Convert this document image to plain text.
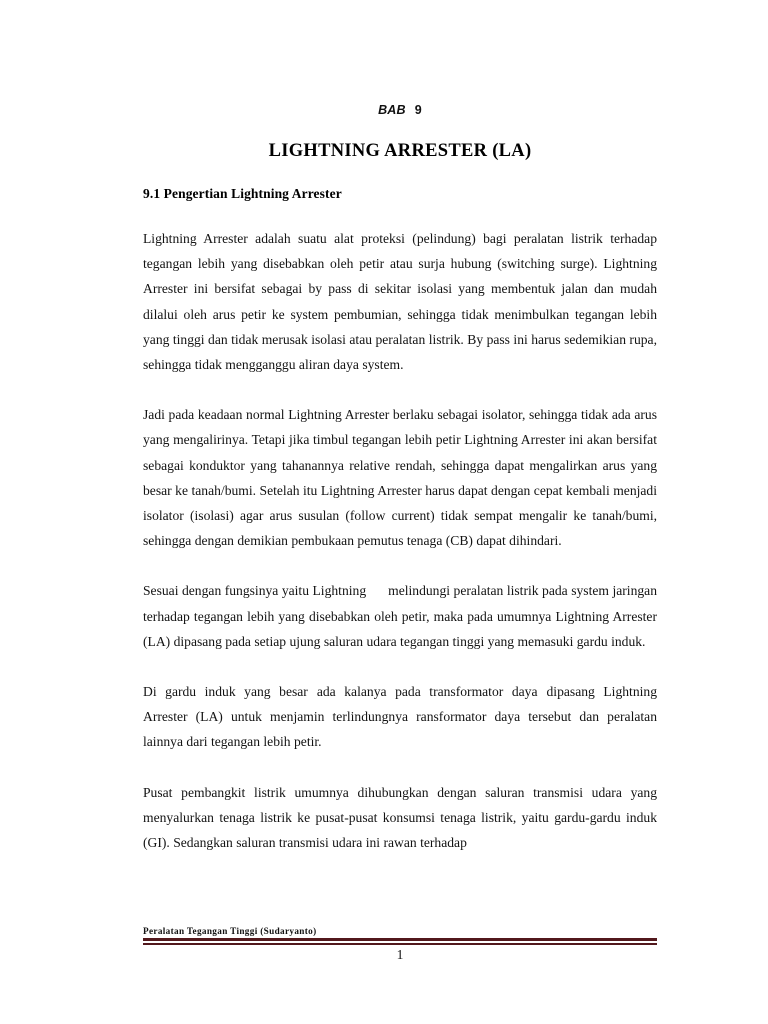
BAB 9
LIGHTNING ARRESTER (LA)
9.1 Pengertian Lightning Arrester

Lightning Arrester adalah suatu alat proteksi (pelindung) bagi peralatan listrik terhadap tegangan lebih yang disebabkan oleh petir atau surja hubung (switching surge). Lightning Arrester ini bersifat sebagai by pass di sekitar isolasi yang membentuk jalan dan mudah dilalui oleh arus petir ke system pembumian, sehingga tidak menimbulkan tegangan lebih yang tinggi dan tidak merusak isolasi atau peralatan listrik. By pass ini harus sedemikian rupa, sehingga tidak mengganggu aliran daya system.

Jadi pada keadaan normal Lightning Arrester berlaku sebagai isolator, sehingga tidak ada arus yang mengalirinya. Tetapi jika timbul tegangan lebih petir Lightning Arrester ini akan bersifat sebagai konduktor yang tahanannya relative rendah, sehingga dapat mengalirkan arus yang besar ke tanah/bumi. Setelah itu Lightning Arrester harus dapat dengan cepat kembali menjadi isolator (isolasi) agar arus susulan (follow current) tidak sempat mengalir ke tanah/bumi, sehingga dengan demikian pembukaan pemutus tenaga (CB) dapat dihindari.

Sesuai dengan fungsinya yaitu Lightning melindungi peralatan listrik pada system jaringan terhadap tegangan lebih yang disebabkan oleh petir, maka pada umumnya Lightning Arrester (LA) dipasang pada setiap ujung saluran udara tegangan tinggi yang memasuki gardu induk.

Di gardu induk yang besar ada kalanya pada transformator daya dipasang Lightning Arrester (LA) untuk menjamin terlindungnya ransformator daya tersebut dan peralatan lainnya dari tegangan lebih petir.

Pusat pembangkit listrik umumnya dihubungkan dengan saluran transmisi udara yang menyalurkan tenaga listrik ke pusat-pusat konsumsi tenaga listrik, yaitu gardu-gardu induk (GI). Sedangkan saluran transmisi udara ini rawan terhadap

Peralatan Tegangan Tinggi (Sudaryanto)

1
